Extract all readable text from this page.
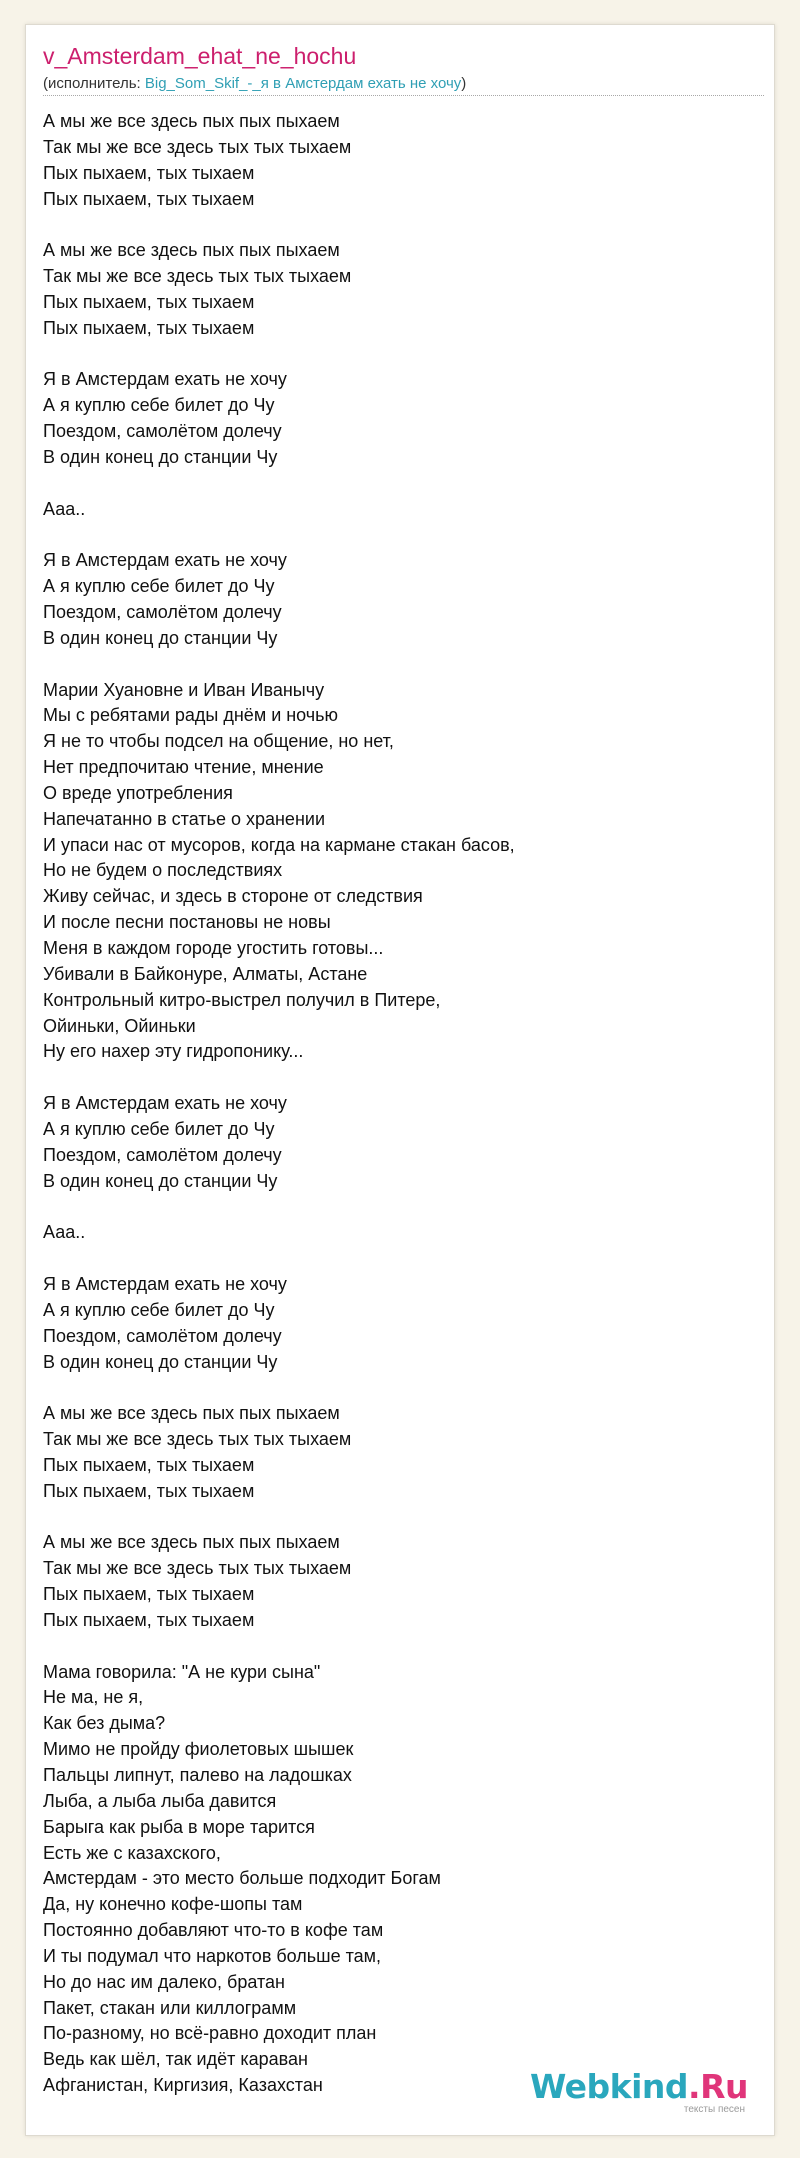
v_Amsterdam_ehat_ne_hochu
(исполнитель: Big_Som_Skif_-_я в Амстердам ехать не хочу)
А мы же все здесь пых пых пыхаем
Так мы же все здесь тых тых тыхаем
Пых пыхаем, тых тыхаем
Пых пыхаем, тых тыхаем
А мы же все здесь пых пых пыхаем
Так мы же все здесь тых тых тыхаем
Пых пыхаем, тых тыхаем
Пых пыхаем, тых тыхаем
Я в Амстердам ехать не хочу
А я куплю себе билет до Чу
Поездом, самолётом долечу
В один конец до станции Чу
Ааа..
Я в Амстердам ехать не хочу
А я куплю себе билет до Чу
Поездом, самолётом долечу
В один конец до станции Чу
Марии Хуановне и Иван Иванычу
Мы с ребятами рады днём и ночью
Я не то чтобы подсел на общение, но нет,
Нет предпочитаю чтение, мнение
О вреде употребления
Напечатанно в статье о хранении
И упаси нас от мусоров, когда на кармане стакан басов,
Но не будем о последствиях
Живу сейчас, и здесь в стороне от следствия
И после песни постановы не новы
Меня в каждом городе угостить готовы...
Убивали в Байконуре, Алматы, Астане
Контрольный китро-выстрел получил в Питере,
Ойиньки, Ойиньки
Ну его нахер эту гидропонику...
Я в Амстердам ехать не хочу
А я куплю себе билет до Чу
Поездом, самолётом долечу
В один конец до станции Чу
Ааа..
Я в Амстердам ехать не хочу
А я куплю себе билет до Чу
Поездом, самолётом долечу
В один конец до станции Чу
А мы же все здесь пых пых пыхаем
Так мы же все здесь тых тых тыхаем
Пых пыхаем, тых тыхаем
Пых пыхаем, тых тыхаем
А мы же все здесь пых пых пыхаем
Так мы же все здесь тых тых тыхаем
Пых пыхаем, тых тыхаем
Пых пыхаем, тых тыхаем
Мама говорила: "А не кури сына"
Не ма, не я,
Как без дыма?
Мимо не пройду фиолетовых шышек
Пальцы липнут, палево на ладошках
Лыба, а лыба лыба давится
Барыга как рыба в море тарится
Есть же с казахского,
Амстердам - это место больше подходит Богам
Да, ну конечно кофе-шопы там
Постоянно добавляют что-то в кофе там
И ты подумал что наркотов больше там,
Но до нас им далеко, братан
Пакет, стакан или киллограмм
По-разному, но всё-равно доходит план
Ведь как шёл, так идёт караван
Афганистан, Киргизия, Казахстан	Webkind.Ru
тексты песен
